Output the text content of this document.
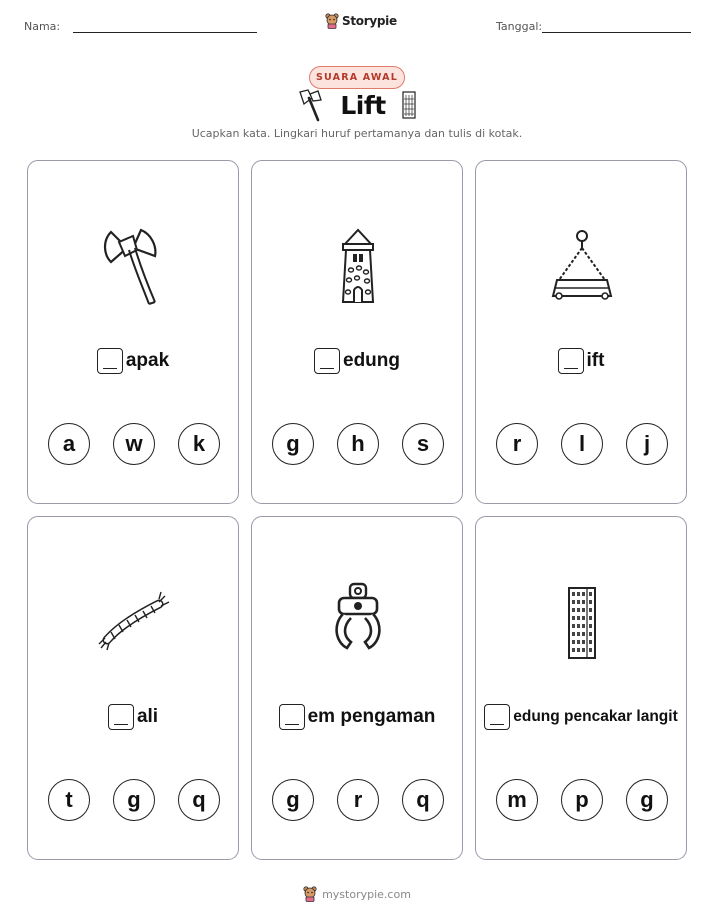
Nama:	Storypie	Tanggal:
SUARA AWAL
Lift
Ucapkan kata. Lingkari huruf pertamanya dan tulis di kotak.
apak
a	w	k
edung
g	h	s
ift
r	l	j
ali
t	g	q
em pengaman
g	r	q
edung pencakar langit
m	p	g
mystorypie.com
